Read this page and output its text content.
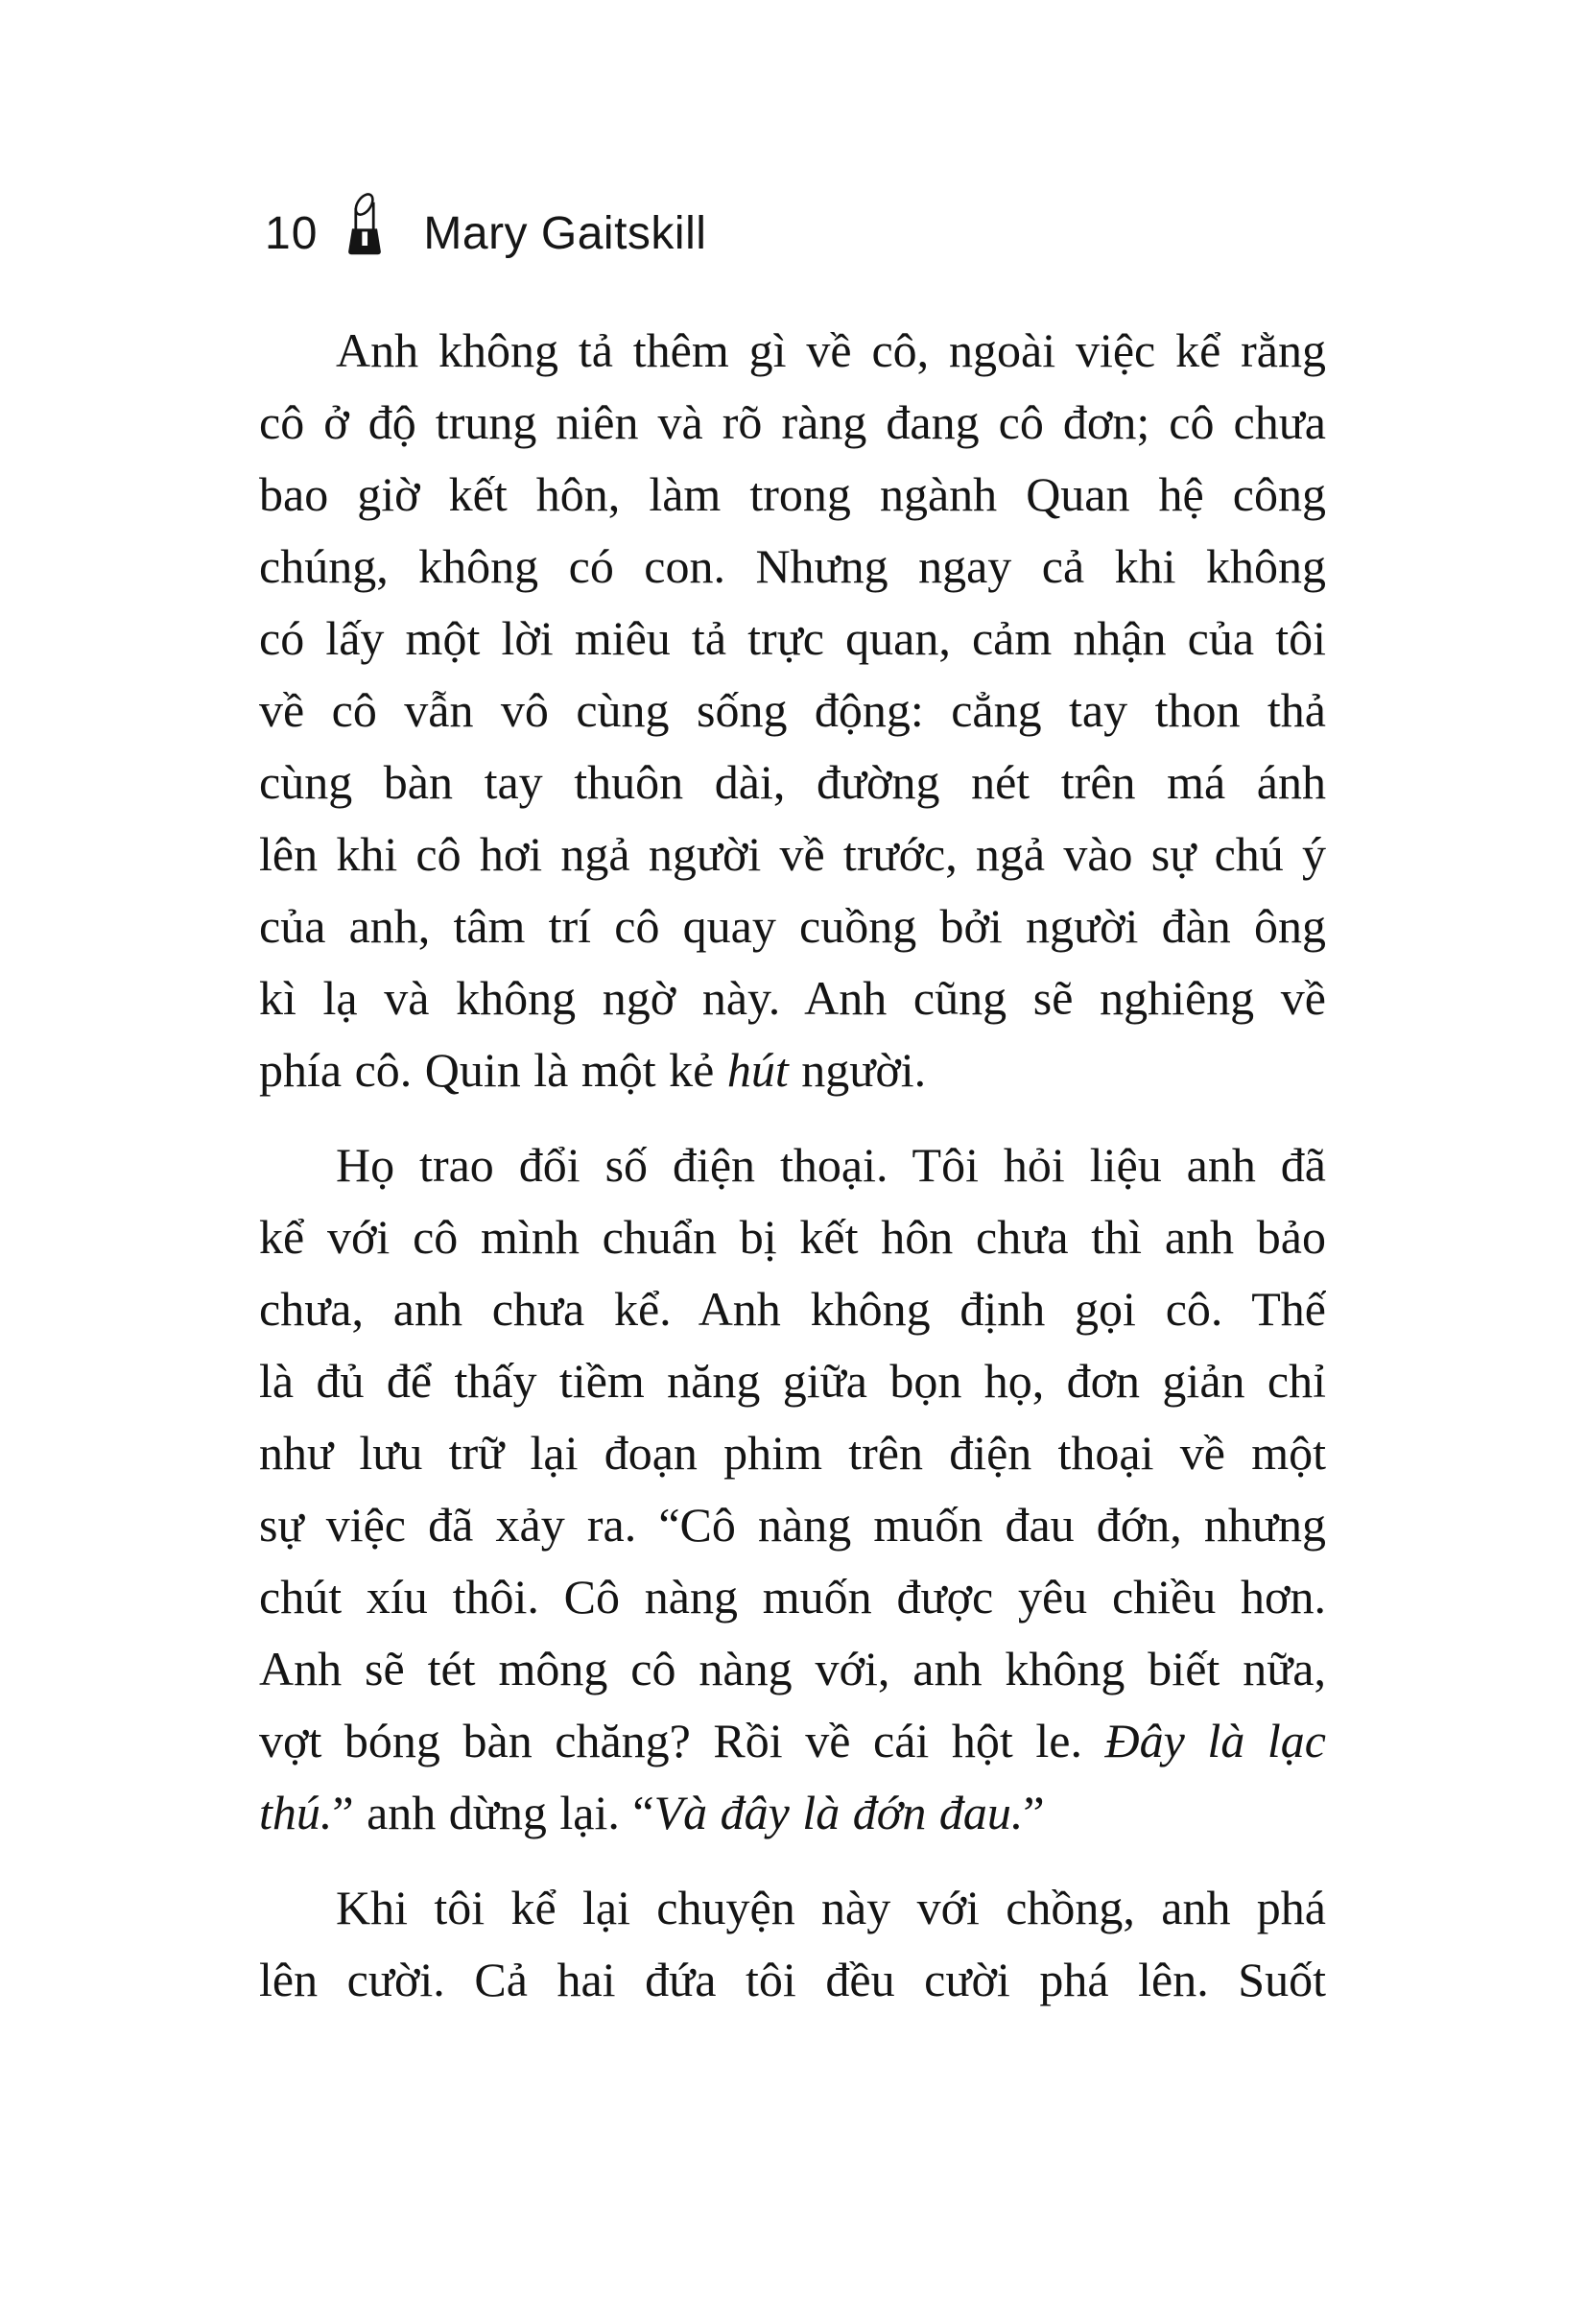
10 Mary Gaitskill
Anh không tả thêm gì về cô, ngoài việc kể rằng
cô ở độ trung niên và rõ ràng đang cô đơn; cô chưa
bao giờ kết hôn, làm trong ngành Quan hệ công
chúng, không có con. Nhưng ngay cả khi không
có lấy một lời miêu tả trực quan, cảm nhận của tôi
về cô vẫn vô cùng sống động: cẳng tay thon thả
cùng bàn tay thuôn dài, đường nét trên má ánh
lên khi cô hơi ngả người về trước, ngả vào sự chú ý
của anh, tâm trí cô quay cuồng bởi người đàn ông
kì lạ và không ngờ này. Anh cũng sẽ nghiêng về
phía cô. Quin là một kẻ hút người.
Họ trao đổi số điện thoại. Tôi hỏi liệu anh đã
kể với cô mình chuẩn bị kết hôn chưa thì anh bảo
chưa, anh chưa kể. Anh không định gọi cô. Thế
là đủ để thấy tiềm năng giữa bọn họ, đơn giản chỉ
như lưu trữ lại đoạn phim trên điện thoại về một
sự việc đã xảy ra. “Cô nàng muốn đau đớn, nhưng
chút xíu thôi. Cô nàng muốn được yêu chiều hơn.
Anh sẽ tét mông cô nàng với, anh không biết nữa,
vợt bóng bàn chăng? Rồi về cái hột le. Đây là lạc
thú.” anh dừng lại. “Và đây là đớn đau.”
Khi tôi kể lại chuyện này với chồng, anh phá
lên cười. Cả hai đứa tôi đều cười phá lên. Suốt
